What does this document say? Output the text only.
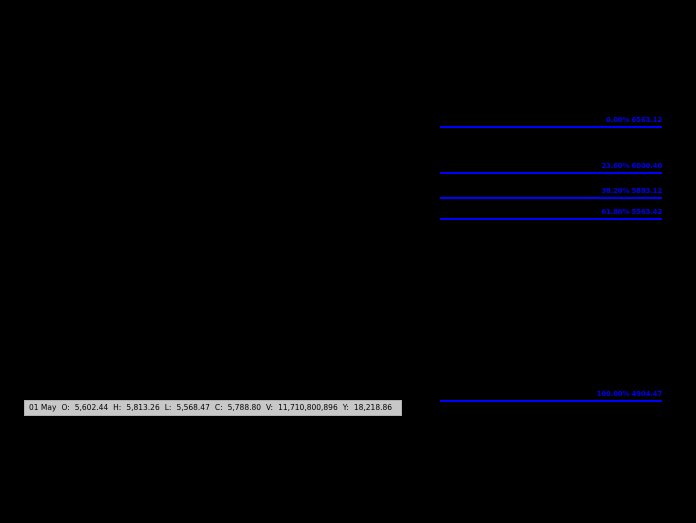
0.00% 6563.12
23.60% 6000.40
38.20% 5883.12
61.80% 5563.42
100.00% 4904.47
01 May O: 5,602.44 H: 5,813.26 L: 5,568.47 C: 5,788.80 V: 11,710,800,896 Y: 18,218.86
